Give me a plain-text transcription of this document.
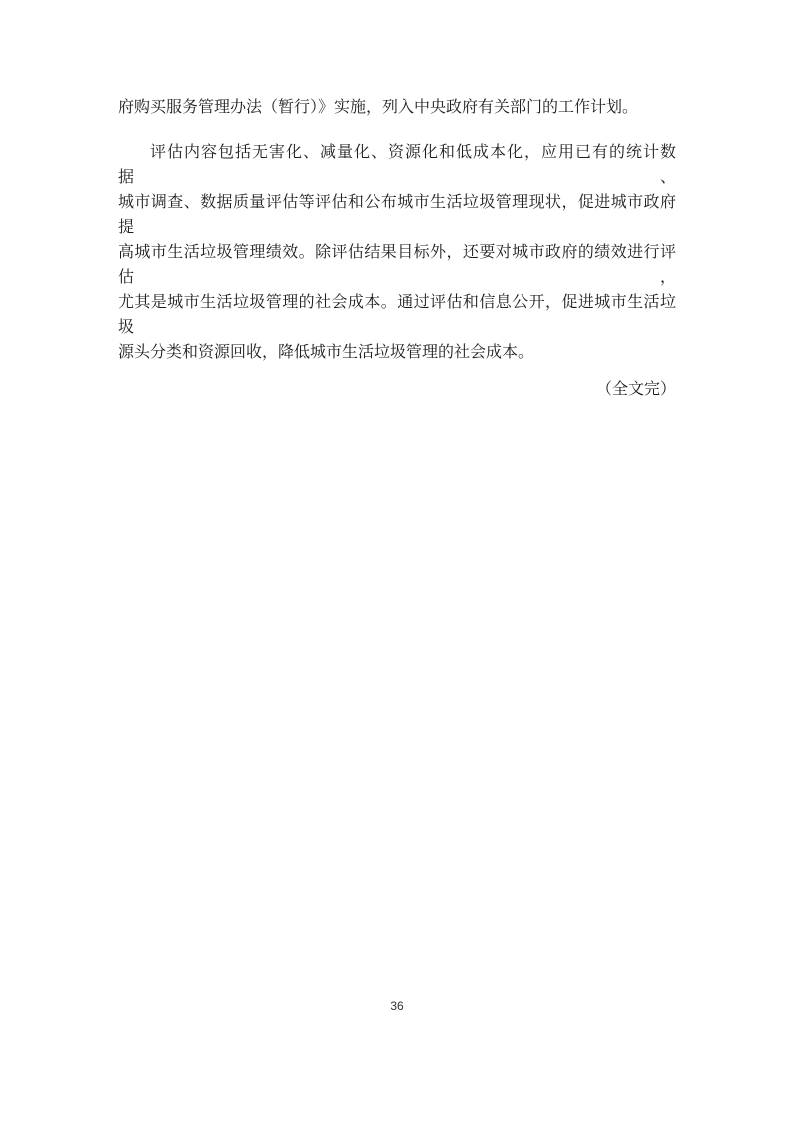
府购买服务管理办法（暂行）》实施，列入中央政府有关部门的工作计划。
评估内容包括无害化、减量化、资源化和低成本化，应用已有的统计数据、
城市调查、数据质量评估等评估和公布城市生活垃圾管理现状，促进城市政府提
高城市生活垃圾管理绩效。除评估结果目标外，还要对城市政府的绩效进行评估，
尤其是城市生活垃圾管理的社会成本。通过评估和信息公开，促进城市生活垃圾
源头分类和资源回收，降低城市生活垃圾管理的社会成本。
（全文完）
36
